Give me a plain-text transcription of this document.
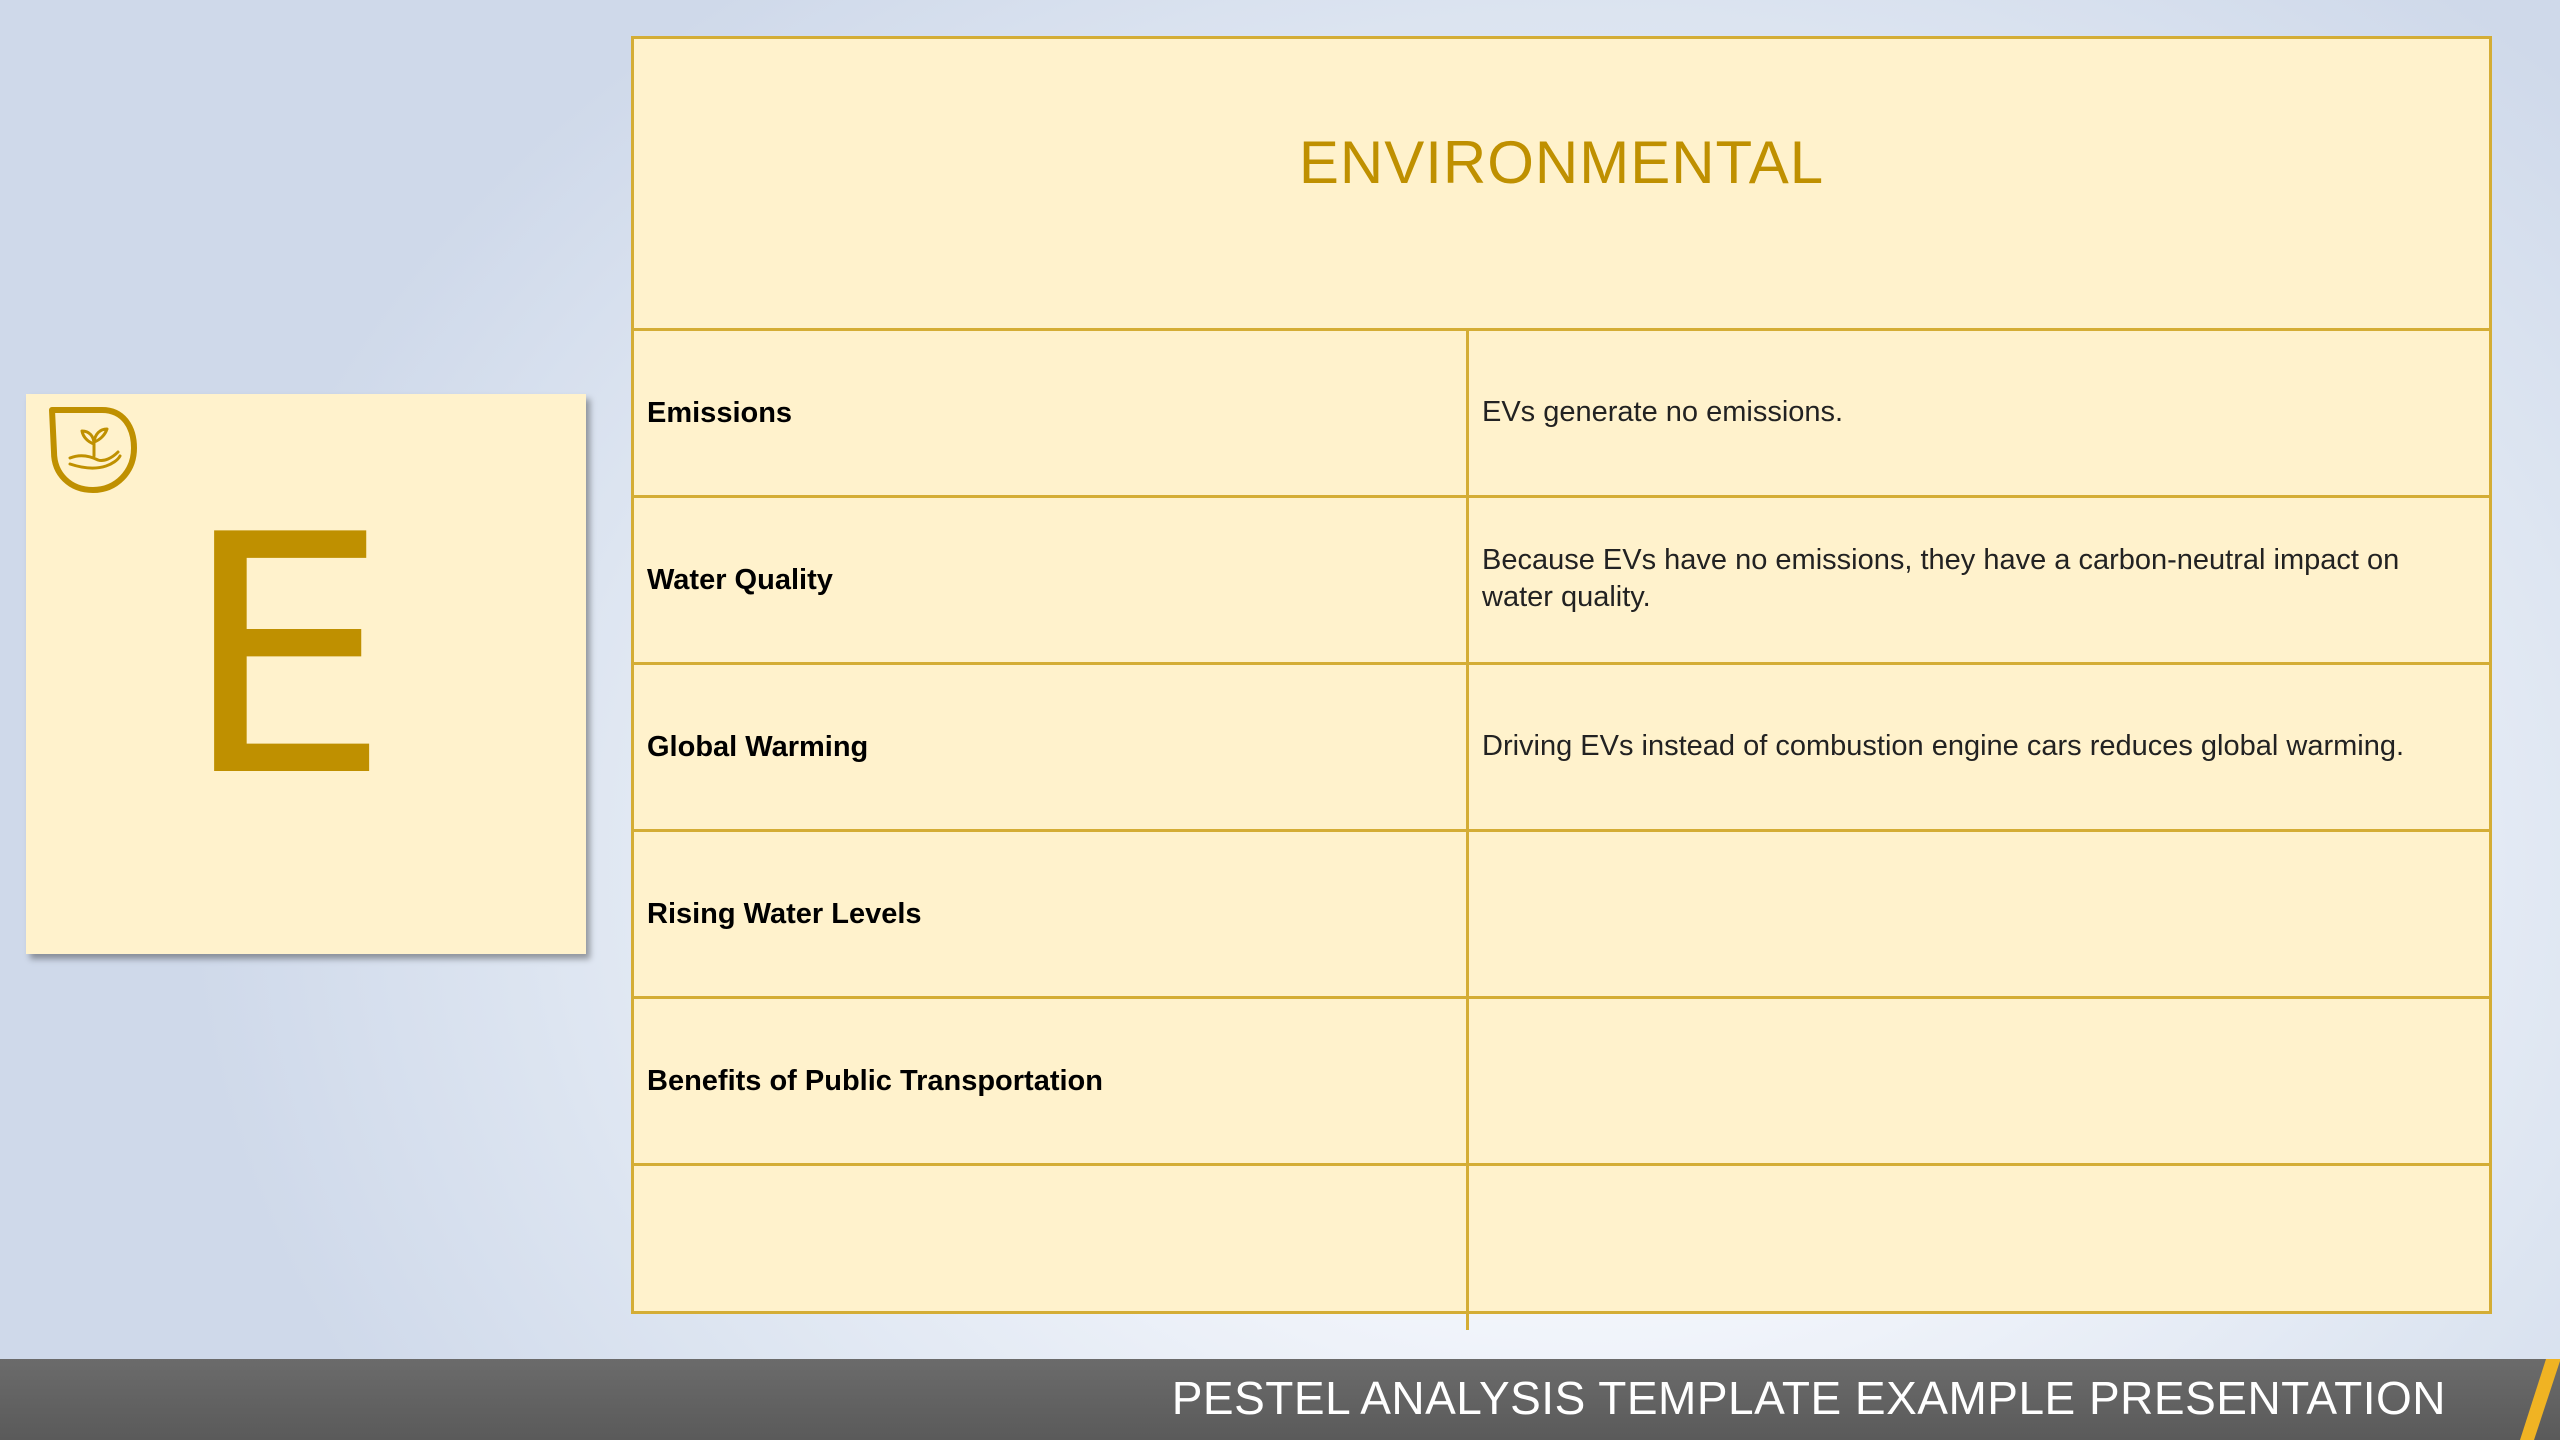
E
ENVIRONMENTAL
Emissions	EVs generate no emissions.
Water Quality
Because EVs have no emissions, they have a carbon-neutral impact on water quality.
Global Warming	Driving EVs instead of combustion engine cars reduces global warming.
Rising Water Levels
Benefits of Public Transportation
PESTEL ANALYSIS TEMPLATE EXAMPLE PRESENTATION
